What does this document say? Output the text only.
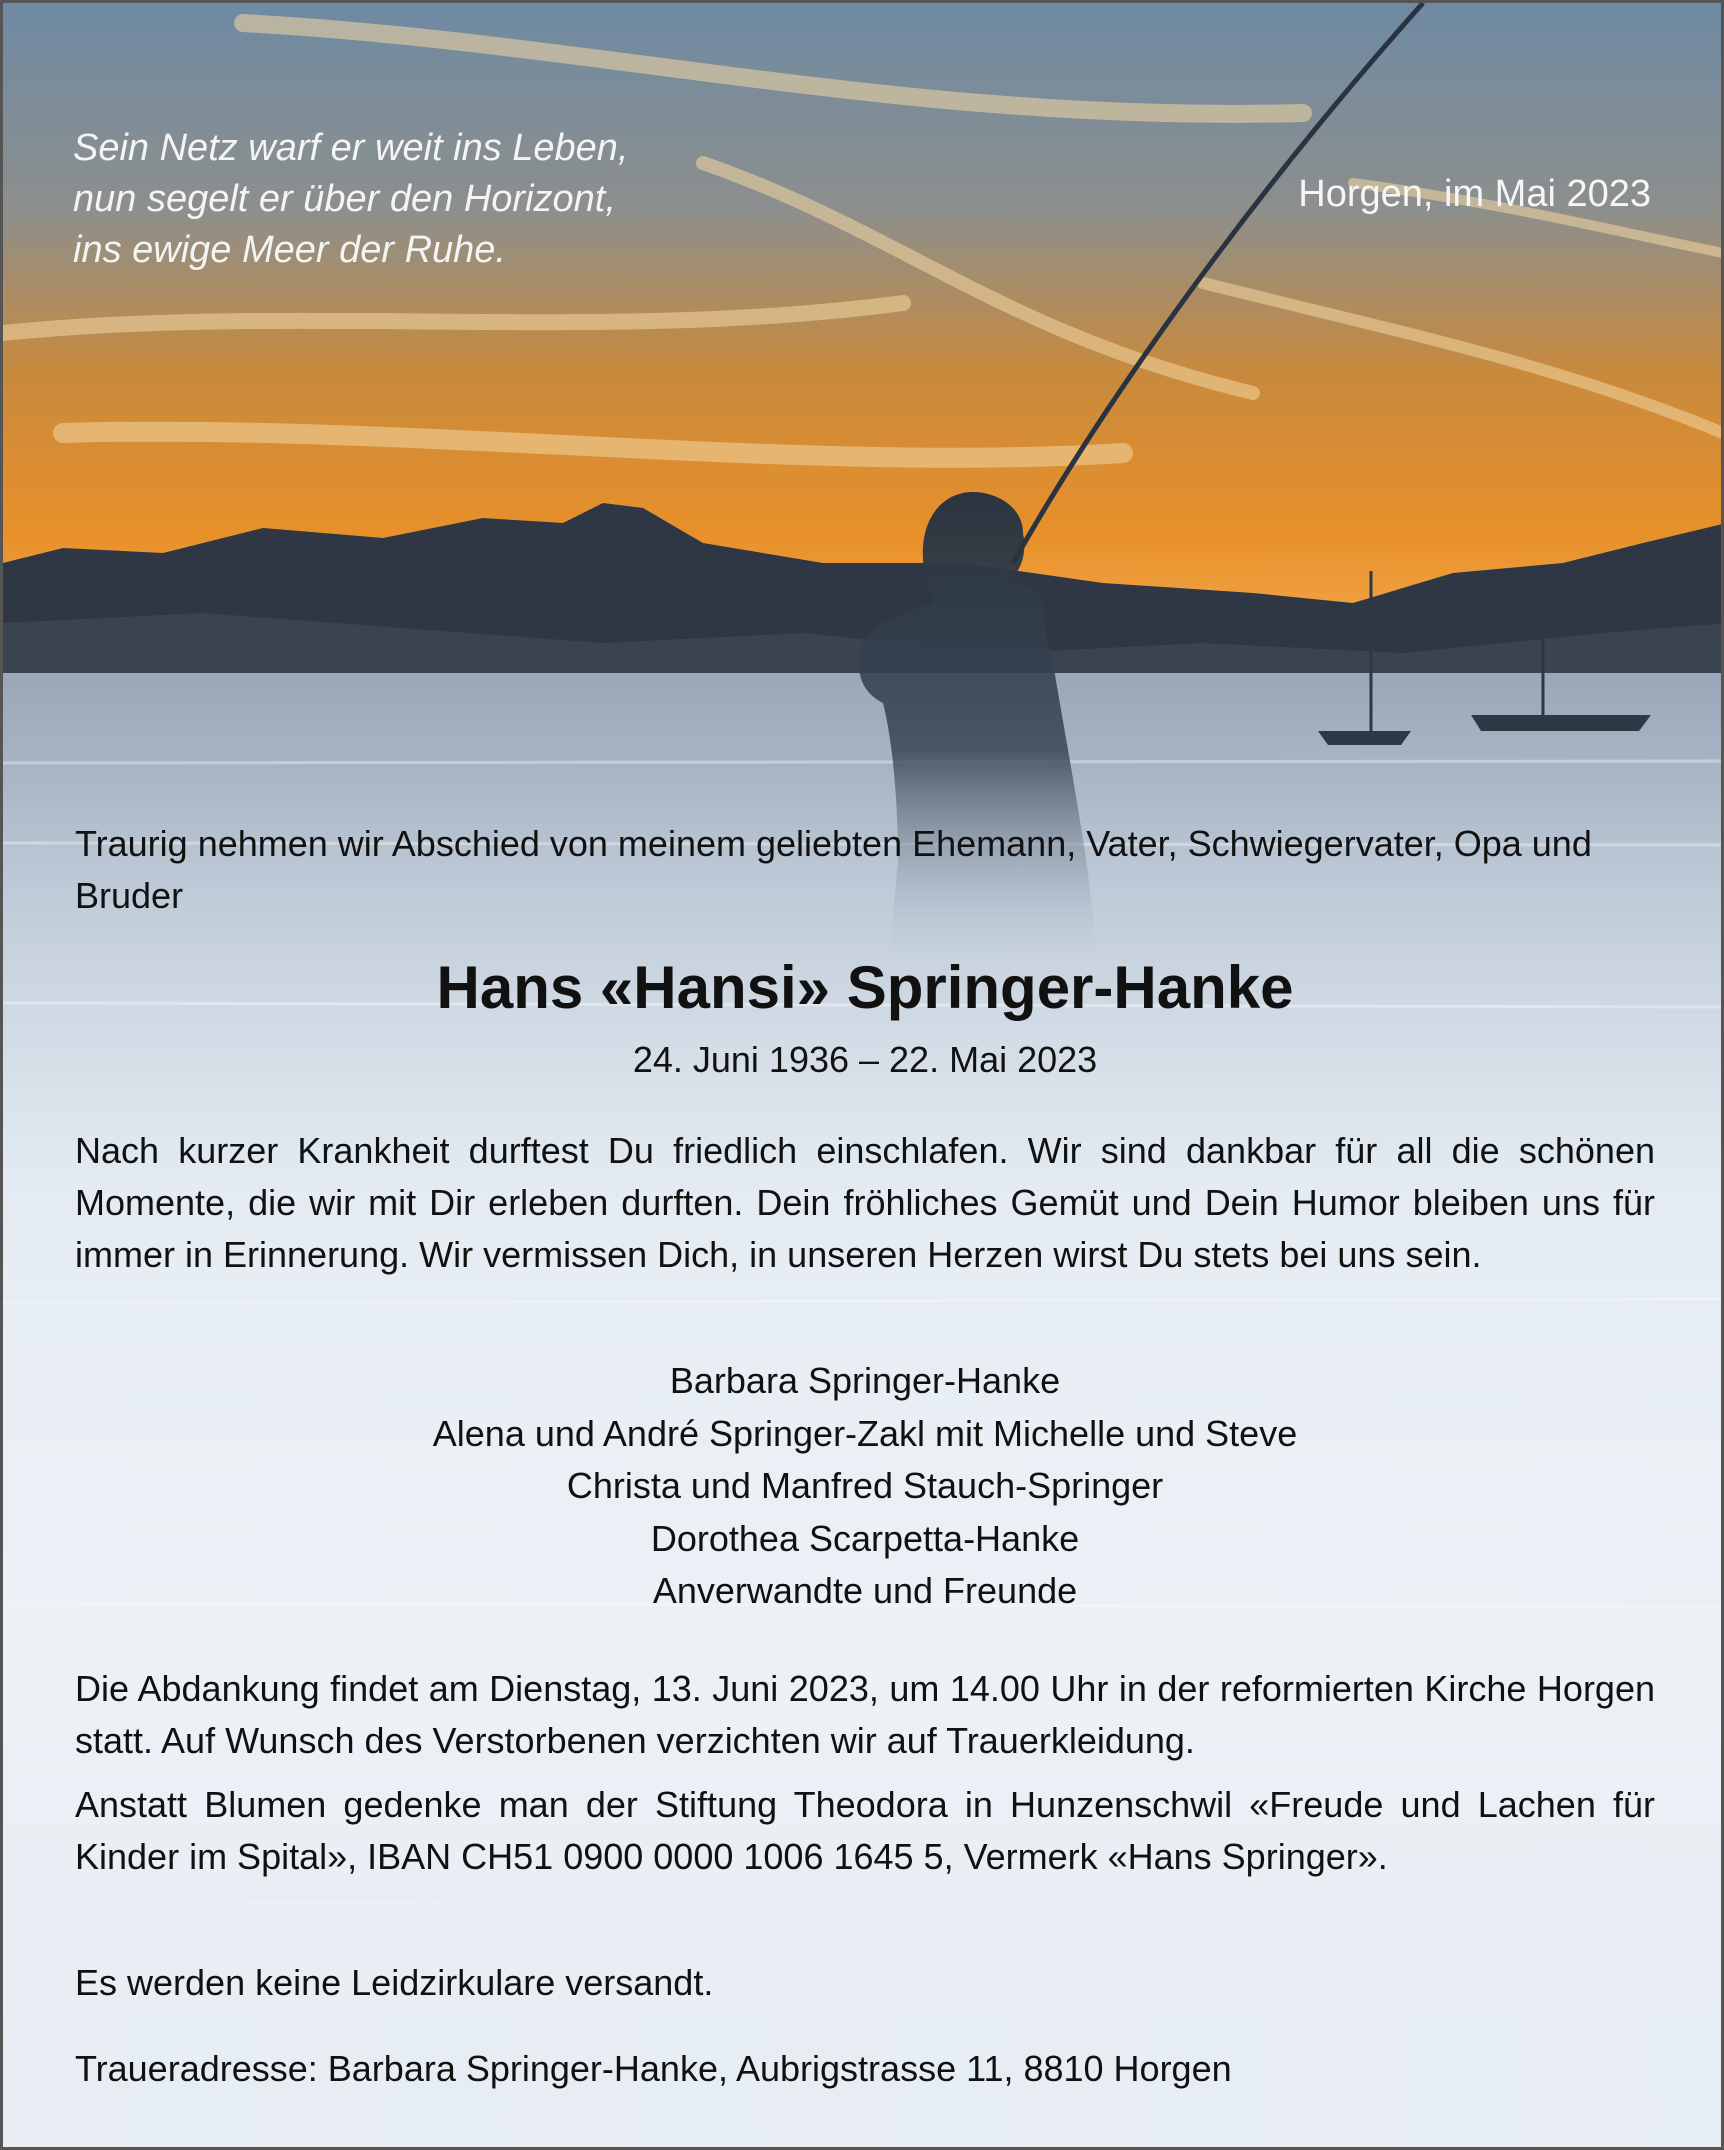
Sein Netz warf er weit ins Leben,
nun segelt er über den Horizont,
ins ewige Meer der Ruhe.
Horgen, im Mai 2023
Traurig nehmen wir Abschied von meinem geliebten Ehemann, Vater, Schwiegervater, Opa und Bruder
Hans «Hansi» Springer-Hanke
24. Juni 1936 – 22. Mai 2023
Nach kurzer Krankheit durftest Du friedlich einschlafen. Wir sind dankbar für all die schönen Momente, die wir mit Dir erleben durften. Dein fröhliches Gemüt und Dein Humor bleiben uns für immer in Erinnerung. Wir vermissen Dich, in unseren Herzen wirst Du stets bei uns sein.
Barbara Springer-Hanke
Alena und André Springer-Zakl mit Michelle und Steve
Christa und Manfred Stauch-Springer
Dorothea Scarpetta-Hanke
Anverwandte und Freunde
Die Abdankung findet am Dienstag, 13. Juni 2023, um 14.00 Uhr in der reformierten Kirche Horgen statt. Auf Wunsch des Verstorbenen verzichten wir auf Trauerkleidung.
Anstatt Blumen gedenke man der Stiftung Theodora in Hunzenschwil «Freude und Lachen für Kinder im Spital», IBAN CH51 0900 0000 1006 1645 5, Vermerk «Hans Springer».
Es werden keine Leidzirkulare versandt.
Traueradresse: Barbara Springer-Hanke, Aubrigstrasse 11, 8810 Horgen
